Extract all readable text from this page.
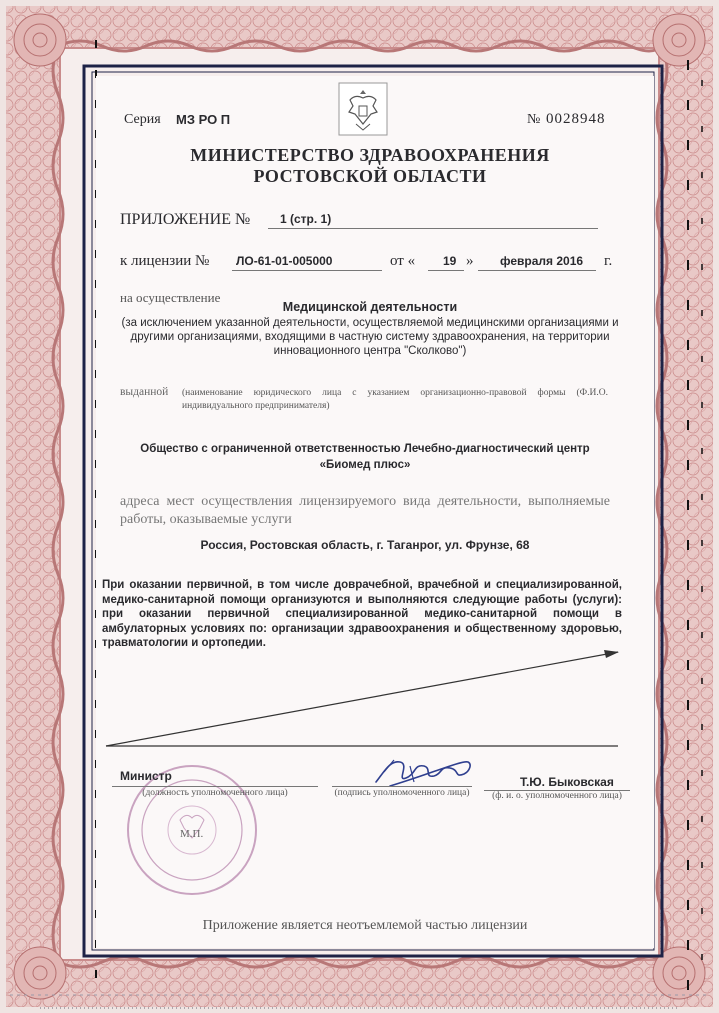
Серия МЗ РО П	№ 0028948
МИНИСТЕРСТВО ЗДРАВООХРАНЕНИЯ
РОСТОВСКОЙ ОБЛАСТИ
ПРИЛОЖЕНИЕ № 1 (стр. 1)
к лицензии № ЛО-61-01-005000	от « 19 » февраля 2016 г.
на осуществление
Медицинской деятельности
(за исключением указанной деятельности, осуществляемой медицинскими организациями и другими организациями, входящими в частную систему здравоохранения, на территории инновационного центра "Сколково")
выданной (наименование юридического лица с указанием организационно-правовой формы (Ф.И.О. индивидуального предпринимателя)
Общество с ограниченной ответственностью Лечебно-диагностический центр
«Биомед плюс»
адреса мест осуществления лицензируемого вида деятельности, выполняемые работы, оказываемые услуги
Россия, Ростовская область, г. Таганрог, ул. Фрунзе, 68
При оказании первичной, в том числе доврачебной, врачебной и специализированной, медико-санитарной помощи организуются и выполняются следующие работы (услуги): при оказании первичной специализированной медико-санитарной помощи в амбулаторных условиях по: организации здравоохранения и общественному здоровью, травматологии и ортопедии.
М.П.
Министр
(должность уполномоченного лица)	(подпись уполномоченного лица)
Т.Ю. Быковская
(ф. и. о. уполномоченного лица)
Приложение является неотъемлемой частью лицензии
